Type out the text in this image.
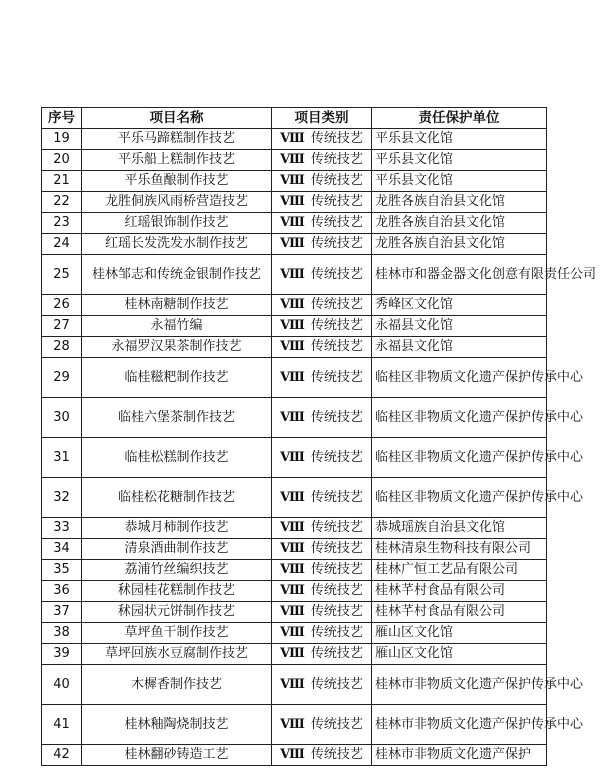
序号	项目名称	项目类别	责任保护单位
19	平乐马蹄糕制作技艺	Ⅷ 传统技艺	平乐县文化馆
20	平乐船上糕制作技艺	Ⅷ 传统技艺	平乐县文化馆
21	平乐鱼酿制作技艺	Ⅷ 传统技艺	平乐县文化馆
22	龙胜侗族风雨桥营造技艺	Ⅷ 传统技艺	龙胜各族自治县文化馆
23	红瑶银饰制作技艺	Ⅷ 传统技艺	龙胜各族自治县文化馆
24	红瑶长发洗发水制作技艺	Ⅷ 传统技艺	龙胜各族自治县文化馆
25	桂林邹志和传统金银制作技艺	Ⅷ 传统技艺	桂林市和器金器文化创意有限责任公司
26	桂林南糖制作技艺	Ⅷ 传统技艺	秀峰区文化馆
27	永福竹编	Ⅷ 传统技艺	永福县文化馆
28	永福罗汉果茶制作技艺	Ⅷ 传统技艺	永福县文化馆
29	临桂糍粑制作技艺	Ⅷ 传统技艺	临桂区非物质文化遗产保护传承中心
30	临桂六堡茶制作技艺	Ⅷ 传统技艺	临桂区非物质文化遗产保护传承中心
31	临桂松糕制作技艺	Ⅷ 传统技艺	临桂区非物质文化遗产保护传承中心
32	临桂松花糖制作技艺	Ⅷ 传统技艺	临桂区非物质文化遗产保护传承中心
33	恭城月柿制作技艺	Ⅷ 传统技艺	恭城瑶族自治县文化馆
34	清泉酒曲制作技艺	Ⅷ 传统技艺	桂林清泉生物科技有限公司
35	荔浦竹丝编织技艺	Ⅷ 传统技艺	桂林广恒工艺品有限公司
36	秫园桂花糕制作技艺	Ⅷ 传统技艺	桂林芊村食品有限公司
37	秫园状元饼制作技艺	Ⅷ 传统技艺	桂林芊村食品有限公司
38	草坪鱼干制作技艺	Ⅷ 传统技艺	雁山区文化馆
39	草坪回族水豆腐制作技艺	Ⅷ 传统技艺	雁山区文化馆
40	木樨香制作技艺	Ⅷ 传统技艺	桂林市非物质文化遗产保护传承中心
41	桂林釉陶烧制技艺	Ⅷ 传统技艺	桂林市非物质文化遗产保护传承中心
42	桂林翻砂铸造工艺	Ⅷ 传统技艺	桂林市非物质文化遗产保护
